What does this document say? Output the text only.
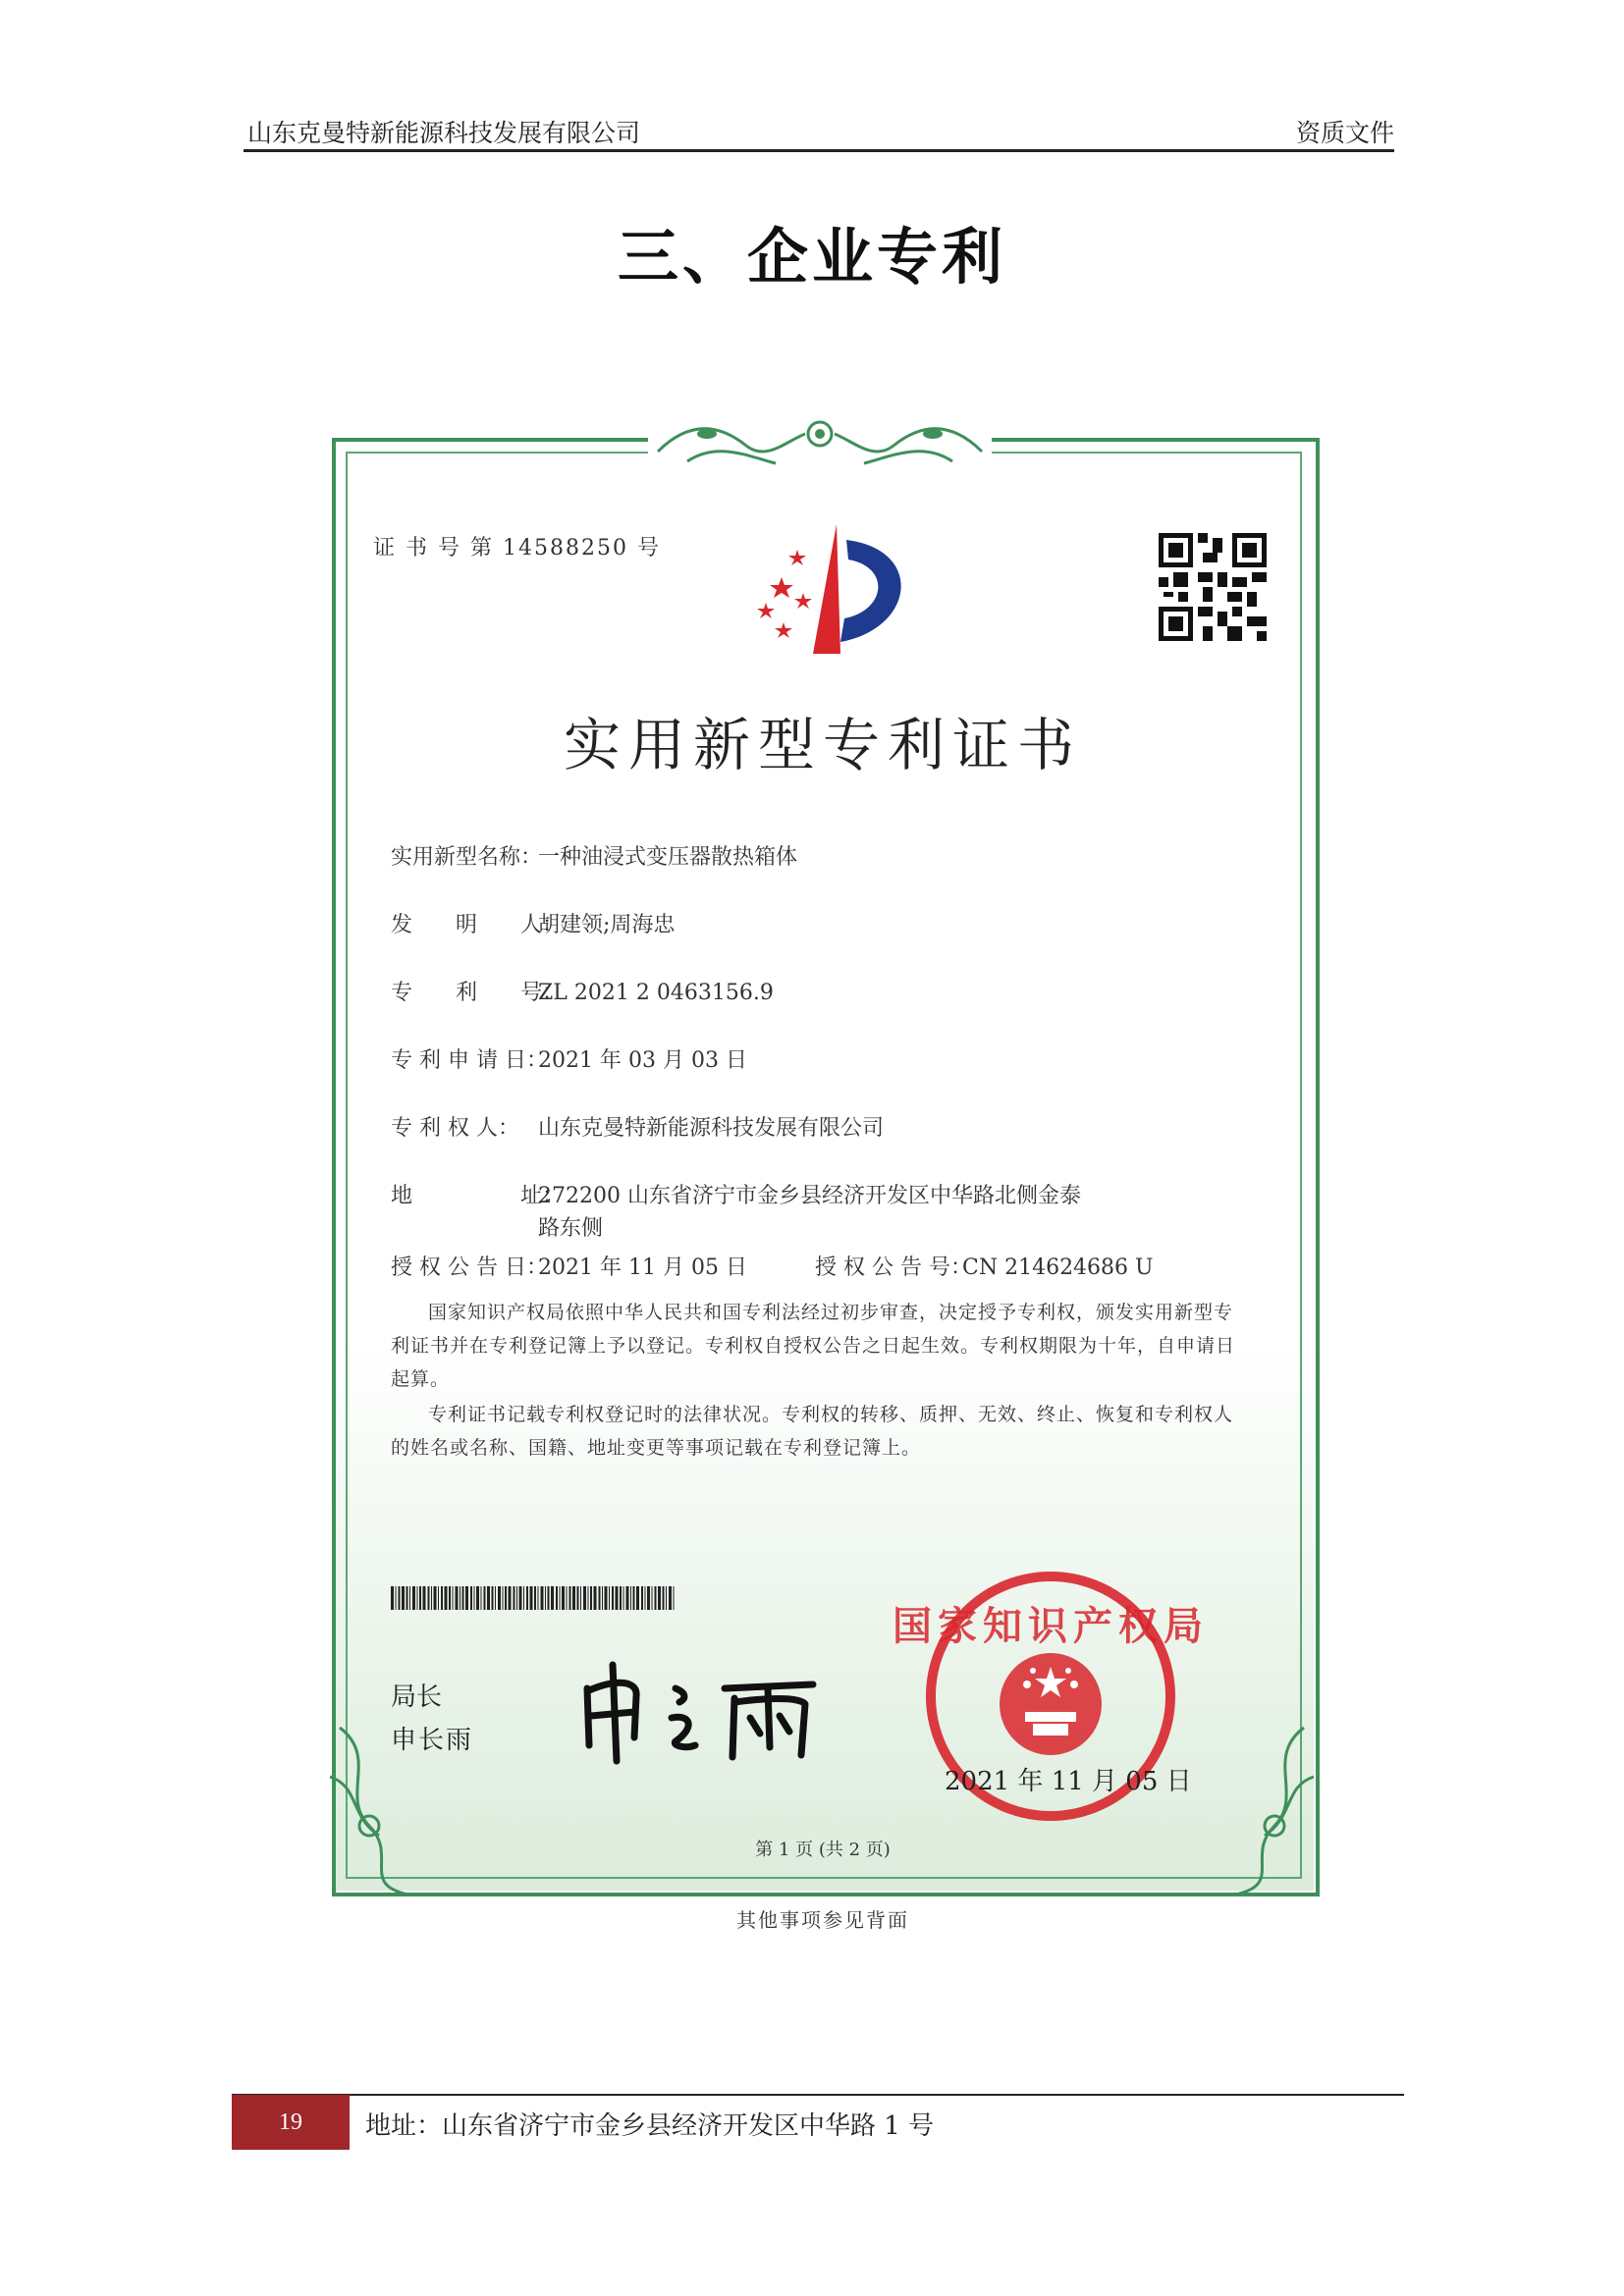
山东克曼特新能源科技发展有限公司	资质文件
三、企业专利
证 书 号 第 14588250 号
实用新型专利证书
实用新型名称：一种油浸式变压器散热箱体
发　　明　　人：胡建领;周海忠
专　　利　　号：ZL 2021 2 0463156.9
专 利 申 请 日：2021 年 03 月 03 日
专 利 权 人： 山东克曼特新能源科技发展有限公司
地　　　　　址：272200 山东省济宁市金乡县经济开发区中华路北侧金泰
路东侧
授 权 公 告 日：2021 年 11 月 05 日	授 权 公 告 号：CN 214624686 U
国家知识产权局依照中华人民共和国专利法经过初步审查，决定授予专利权，颁发实用新型专利证书并在专利登记簿上予以登记。专利权自授权公告之日起生效。专利权期限为十年，自申请日起算。
专利证书记载专利权登记时的法律状况。专利权的转移、质押、无效、终止、恢复和专利权人的姓名或名称、国籍、地址变更等事项记载在专利登记簿上。
局长
申长雨
国家知识产权局
2021 年 11 月 05 日
第 1 页 (共 2 页)
其他事项参见背面
19	地址：山东省济宁市金乡县经济开发区中华路 1 号
